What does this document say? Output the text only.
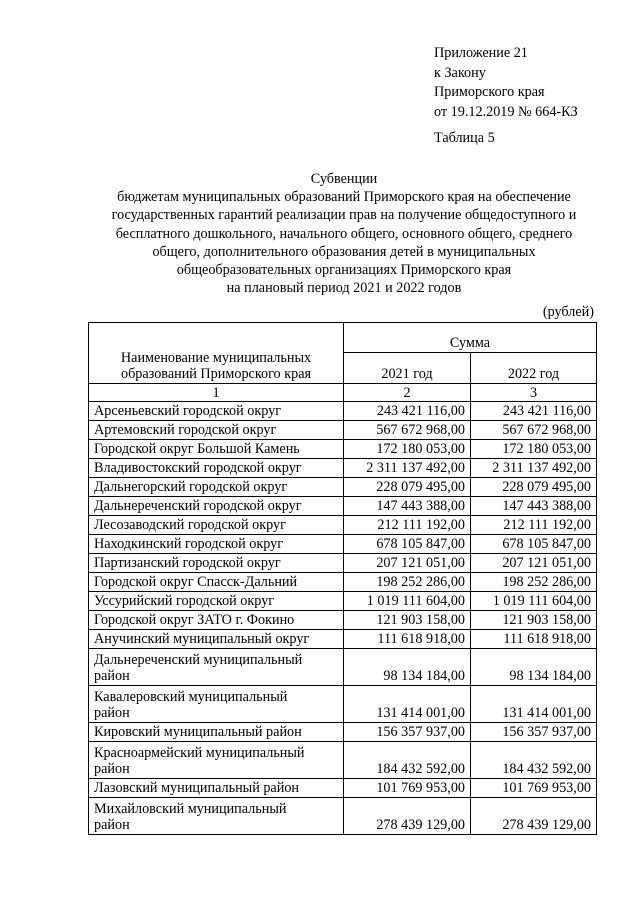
Приложение 21
к Закону
Приморского края
от 19.12.2019 № 664-КЗ
Таблица 5
Субвенции
бюджетам муниципальных образований Приморского края на обеспечение
государственных гарантий реализации прав на получение общедоступного и
бесплатного дошкольного, начального общего, основного общего, среднего
общего, дополнительного образования детей в муниципальных
общеобразовательных организациях Приморского края
на плановый период 2021 и 2022 годов
(рублей)
Наименование муниципальных
образований Приморского края	Сумма	
	2021 год	2022 год
1	2	3

Арсеньевский городской округ	243 421 116,00	243 421 116,00

Артемовский городской округ	567 672 968,00	567 672 968,00

Городской округ Большой Камень	172 180 053,00	172 180 053,00

Владивостокский городской округ	2 311 137 492,00	2 311 137 492,00

Дальнегорский городской округ	228 079 495,00	228 079 495,00

Дальнереченский городской округ	147 443 388,00	147 443 388,00

Лесозаводский городской округ	212 111 192,00	212 111 192,00

Находкинский городской округ	678 105 847,00	678 105 847,00

Партизанский городской округ	207 121 051,00	207 121 051,00

Городской округ Спасск-Дальний	198 252 286,00	198 252 286,00

Уссурийский городской округ	1 019 111 604,00	1 019 111 604,00

Городской округ ЗАТО г. Фокино	121 903 158,00	121 903 158,00

Анучинский муниципальный округ	111 618 918,00	111 618 918,00

Дальнереченский муниципальный
район	98 134 184,00	98 134 184,00

Кавалеровский муниципальный
район	131 414 001,00	131 414 001,00

Кировский муниципальный район	156 357 937,00	156 357 937,00

Красноармейский муниципальный
район	184 432 592,00	184 432 592,00

Лазовский муниципальный район	101 769 953,00	101 769 953,00

Михайловский муниципальный
район	278 439 129,00	278 439 129,00
